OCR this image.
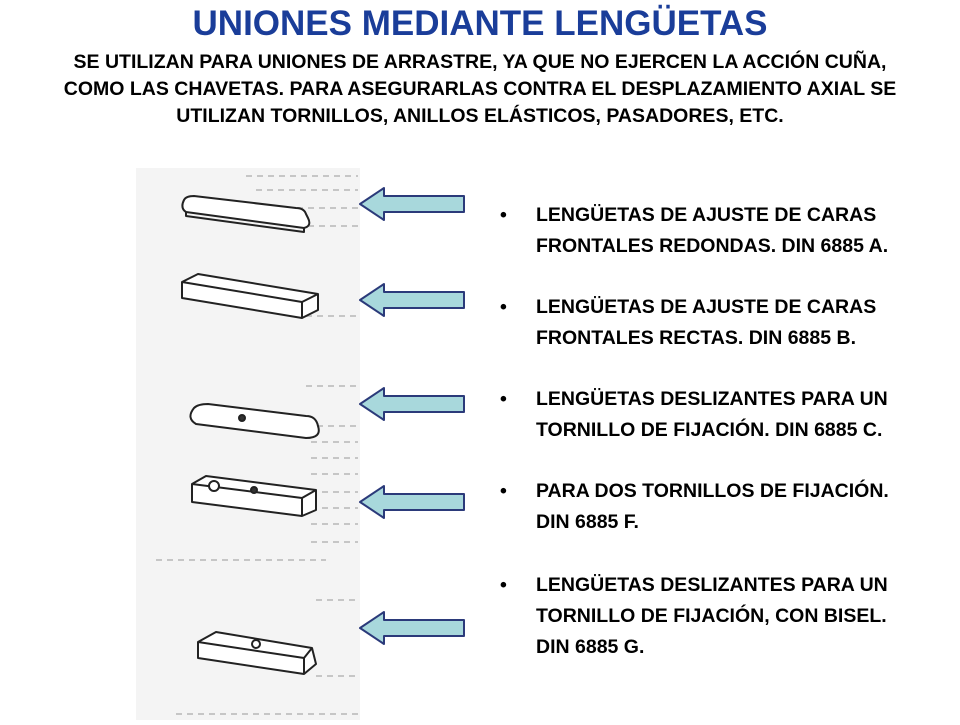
UNIONES MEDIANTE LENGÜETAS
SE UTILIZAN PARA UNIONES DE ARRASTRE, YA QUE NO EJERCEN LA ACCIÓN CUÑA, COMO LAS CHAVETAS. PARA ASEGURARLAS CONTRA EL DESPLAZAMIENTO AXIAL SE UTILIZAN TORNILLOS, ANILLOS ELÁSTICOS, PASADORES, ETC.
• LENGÜETAS DE AJUSTE DE CARAS FRONTALES REDONDAS. DIN 6885 A.
• LENGÜETAS DE AJUSTE DE CARAS FRONTALES RECTAS. DIN 6885 B.
• LENGÜETAS DESLIZANTES PARA UN TORNILLO DE FIJACIÓN. DIN 6885 C.
• PARA DOS TORNILLOS DE FIJACIÓN. DIN 6885 F.
• LENGÜETAS DESLIZANTES PARA UN TORNILLO DE FIJACIÓN, CON BISEL. DIN 6885 G.
